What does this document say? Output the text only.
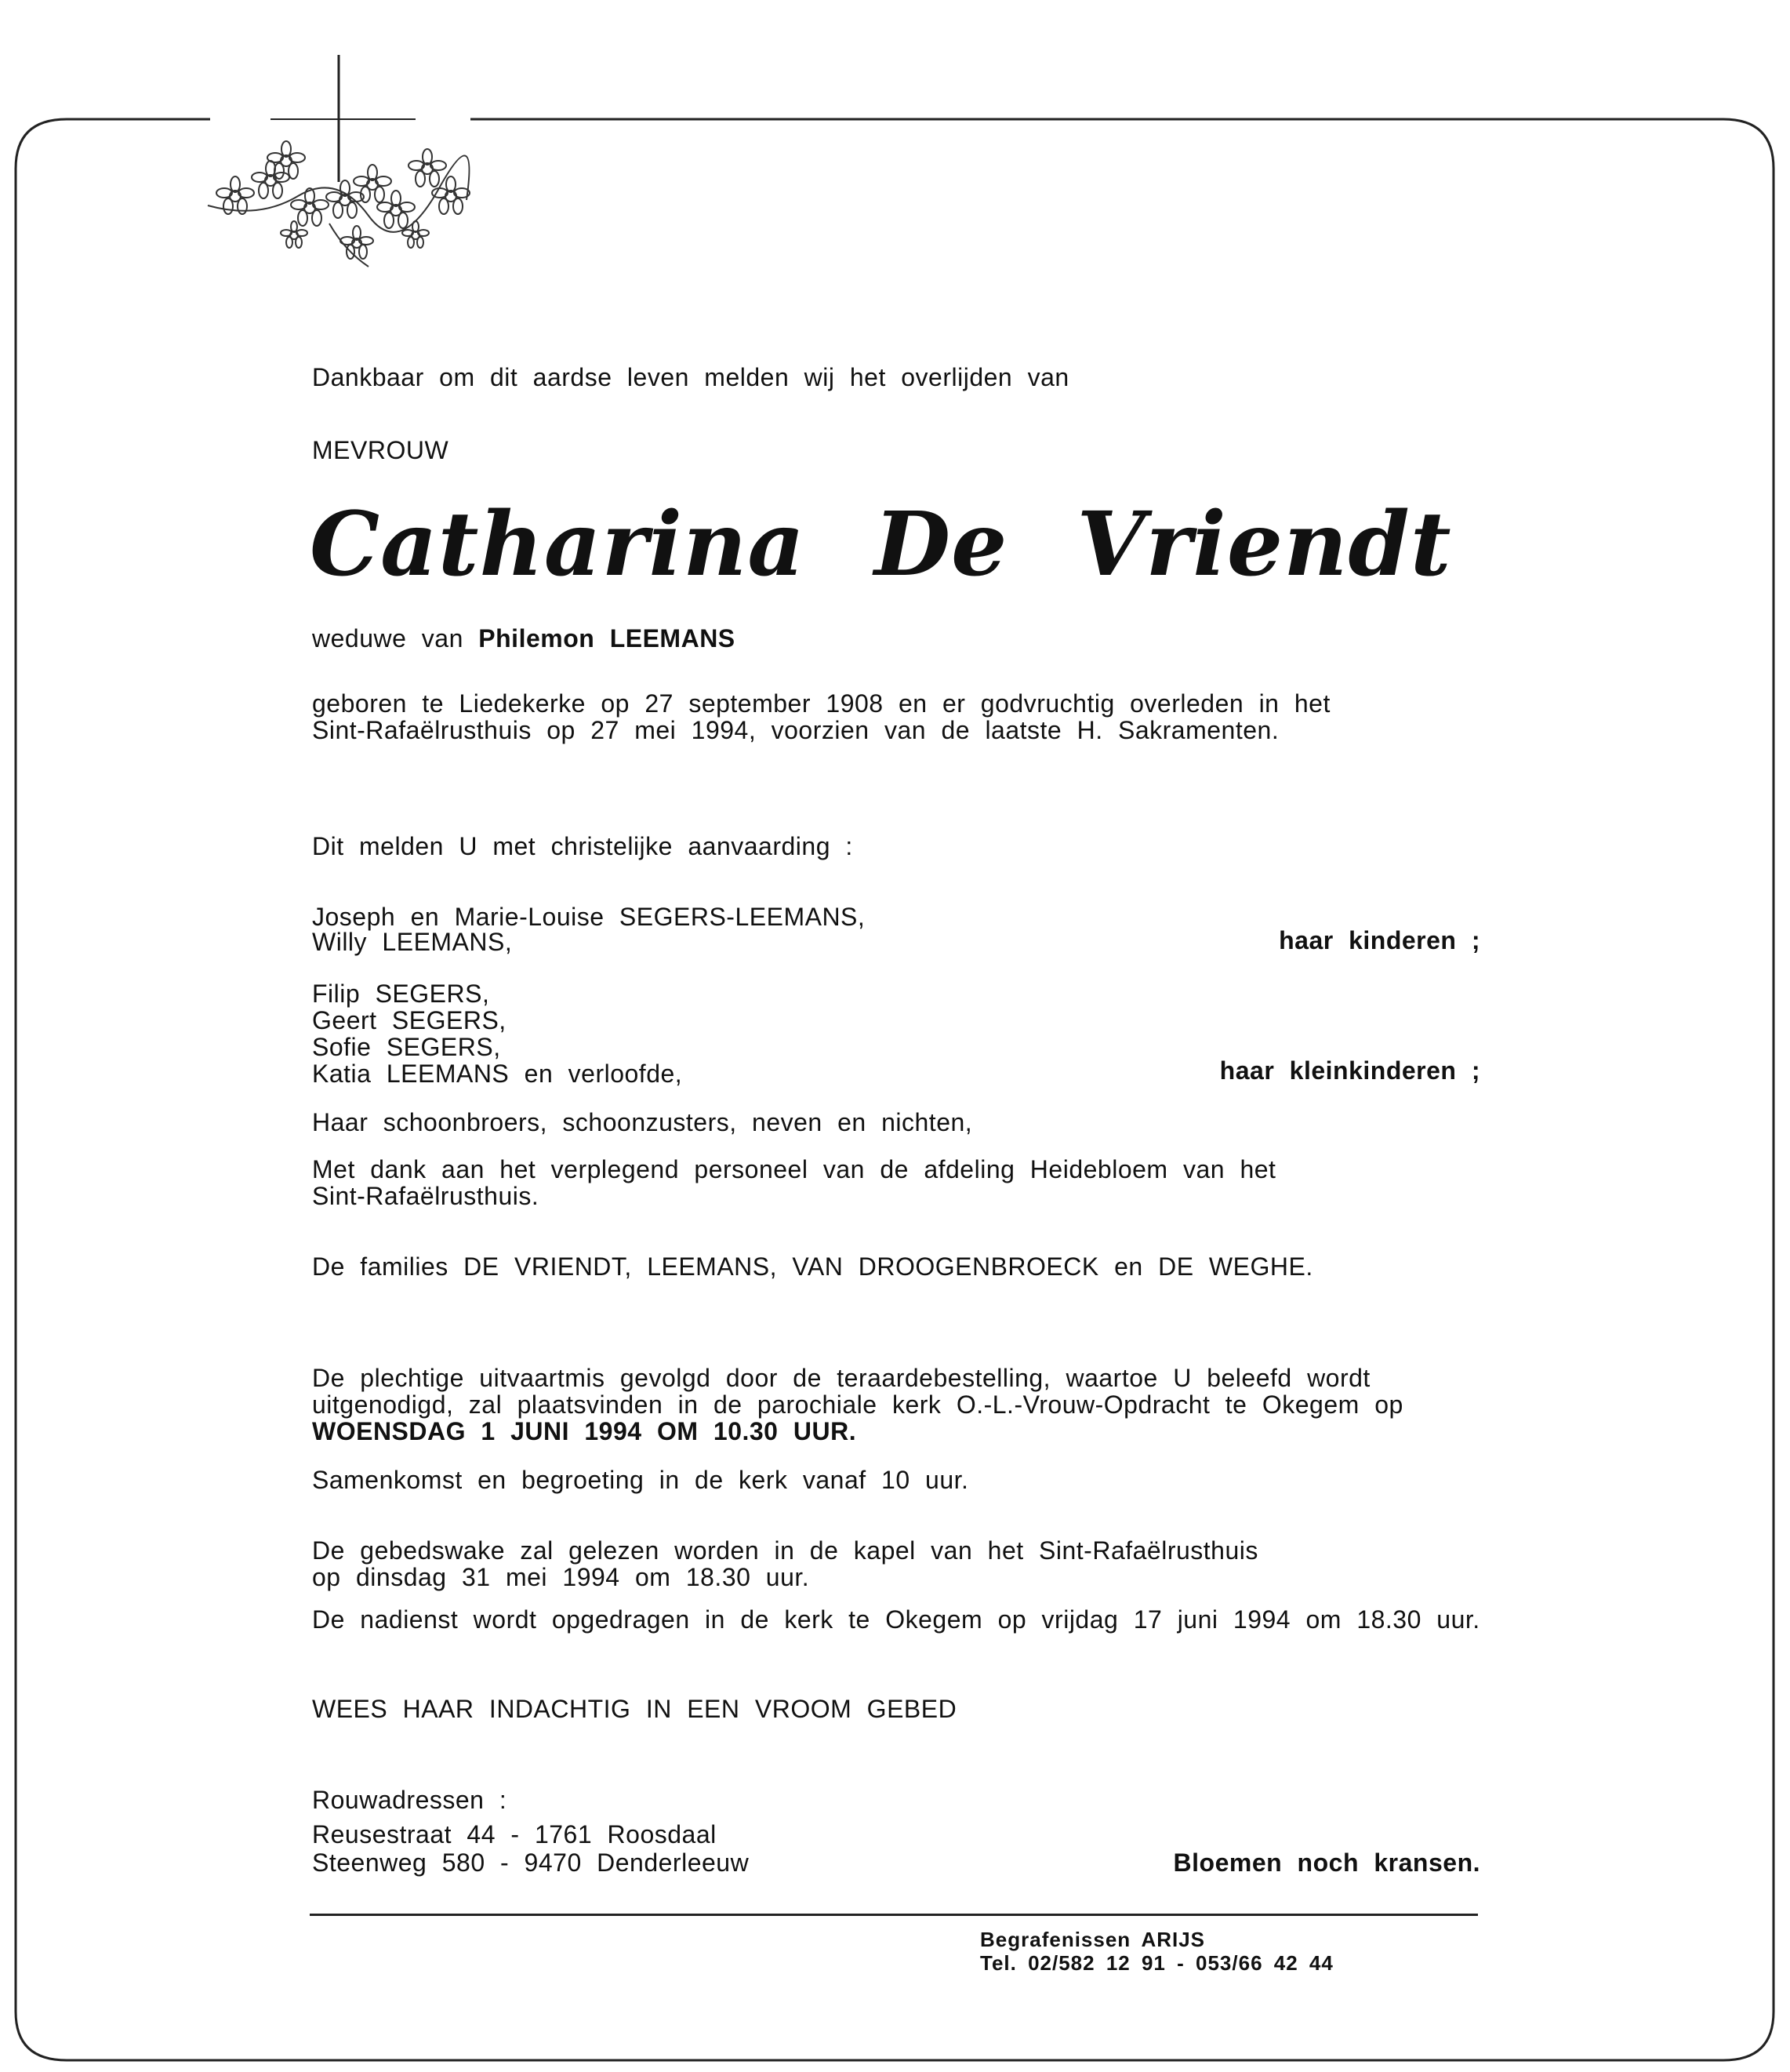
Dankbaar om dit aardse leven melden wij het overlijden van

MEVROUW

Catharina De Vriendt

weduwe van Philemon LEEMANS

geboren te Liedekerke op 27 september 1908 en er godvruchtig overleden in het

Sint-Rafaëlrusthuis op 27 mei 1994, voorzien van de laatste H. Sakramenten.

Dit melden U met christelijke aanvaarding :

Joseph en Marie-Louise SEGERS-LEEMANS,

Willy LEEMANS,	haar kinderen ;

Filip SEGERS,

Geert SEGERS,

Sofie SEGERS,

Katia LEEMANS en verloofde,	haar kleinkinderen ;

Haar schoonbroers, schoonzusters, neven en nichten,

Met dank aan het verplegend personeel van de afdeling Heidebloem van het

Sint-Rafaëlrusthuis.

De families DE VRIENDT, LEEMANS, VAN DROOGENBROECK en DE WEGHE.

De plechtige uitvaartmis gevolgd door de teraardebestelling, waartoe U beleefd wordt

uitgenodigd, zal plaatsvinden in de parochiale kerk O.-L.-Vrouw-Opdracht te Okegem op

WOENSDAG 1 JUNI 1994 OM 10.30 UUR.

Samenkomst en begroeting in de kerk vanaf 10 uur.

De gebedswake zal gelezen worden in de kapel van het Sint-Rafaëlrusthuis

op dinsdag 31 mei 1994 om 18.30 uur.

De nadienst wordt opgedragen in de kerk te Okegem op vrijdag 17 juni 1994 om 18.30 uur.

WEES HAAR INDACHTIG IN EEN VROOM GEBED

Rouwadressen :

Reusestraat 44 - 1761 Roosdaal

Steenweg 580 - 9470 Denderleeuw	Bloemen noch kransen.

Begrafenissen ARIJS

Tel. 02/582 12 91 - 053/66 42 44
